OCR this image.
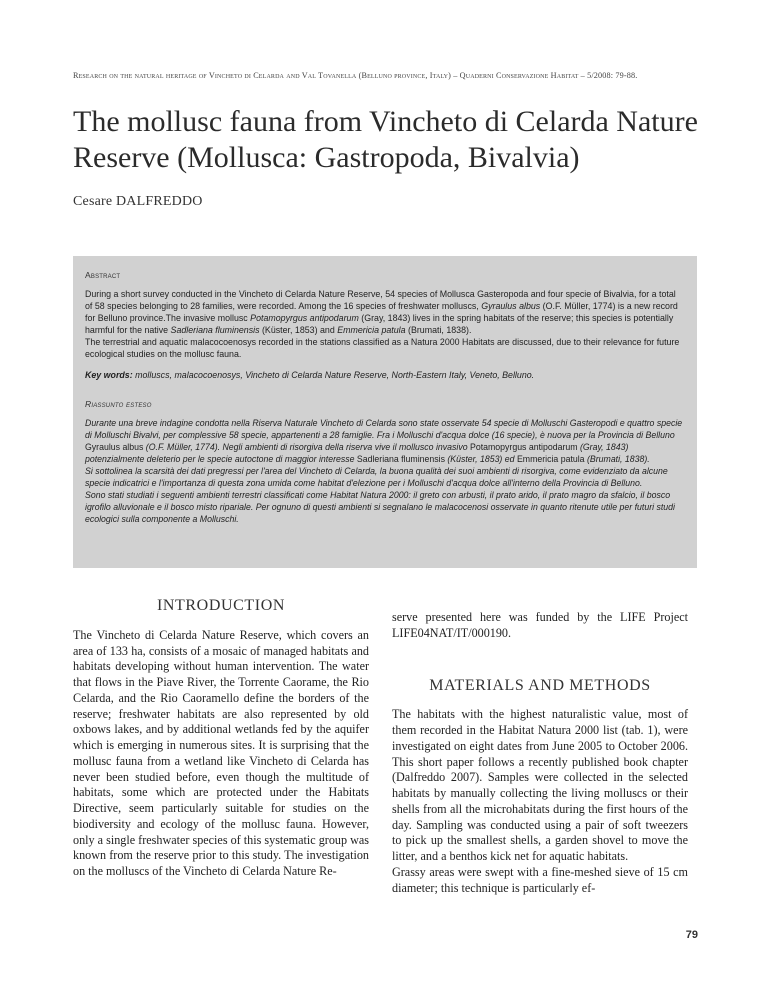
Research on the natural heritage of Vincheto di Celarda and Val Tovanella (Belluno province, Italy) – Quaderni Conservazione Habitat – 5/2008: 79-88.
The mollusc fauna from Vincheto di Celarda Nature Reserve (Mollusca: Gastropoda, Bivalvia)
Cesare DALFREDDO
Abstract

During a short survey conducted in the Vincheto di Celarda Nature Reserve, 54 species of Mollusca Gasteropoda and four specie of Bivalvia, for a total of 58 species belonging to 28 families, were recorded. Among the 16 species of freshwater molluscs, Gyraulus albus (O.F. Müller, 1774) is a new record for Belluno province.The invasive mollusc Potamopyrgus antipodarum (Gray, 1843) lives in the spring habitats of the reserve; this species is potentially harmful for the native Sadleriana fluminensis (Küster, 1853) and Emmericia patula (Brumati, 1838).

The terrestrial and aquatic malacocoenosys recorded in the stations classified as a Natura 2000 Habitats are discussed, due to their relevance for future ecological studies on the mollusc fauna.

Key words: molluscs, malacocoenosys, Vincheto di Celarda Nature Reserve, North-Eastern Italy, Veneto, Belluno.

Riassunto esteso

Durante una breve indagine condotta nella Riserva Naturale Vincheto di Celarda sono state osservate 54 specie di Molluschi Gasteropodi e quattro specie di Molluschi Bivalvi, per complessive 58 specie, appartenenti a 28 famiglie. Fra i Molluschi d'acqua dolce (16 specie), è nuova per la Provincia di Belluno Gyraulus albus (O.F. Müller, 1774). Negli ambienti di risorgiva della riserva vive il mollusco invasivo Potamopyrgus antipodarum (Gray, 1843) potenzialmente deleterio per le specie autoctone di maggior interesse Sadleriana fluminensis (Küster, 1853) ed Emmericia patula (Brumati, 1838).

Si sottolinea la scarsità dei dati pregressi per l'area del Vincheto di Celarda, la buona qualità dei suoi ambienti di risorgiva, come evidenziato da alcune specie indicatrici e l'importanza di questa zona umida come habitat d'elezione per i Molluschi d'acqua dolce all'interno della Provincia di Belluno.

Sono stati studiati i seguenti ambienti terrestri classificati come Habitat Natura 2000: il greto con arbusti, il prato arido, il prato magro da sfalcio, il bosco igrofilo alluvionale e il bosco misto ripariale. Per ognuno di questi ambienti si segnalano le malacocenosi osservate in quanto ritenute utile per futuri studi ecologici sulla componente a Molluschi.

INTRODUCTION

The Vincheto di Celarda Nature Reserve, which covers an area of 133 ha, consists of a mosaic of managed habitats and habitats developing without human intervention. The water that flows in the Piave River, the Torrente Caorame, the Rio Celarda, and the Rio Caoramello define the borders of the reserve; freshwater habitats are also represented by old oxbows lakes, and by additional wetlands fed by the aquifer which is emerging in numerous sites. It is surprising that the mollusc fauna from a wetland like Vincheto di Celarda has never been studied before, even though the multitude of habitats, some which are protected under the Habitats Directive, seem particularly suitable for studies on the biodiversity and ecology of the mollusc fauna. However, only a single freshwater species of this systematic group was known from the reserve prior to this study. The investigation on the molluscs of the Vincheto di Celarda Nature Re-

serve presented here was funded by the LIFE Project LIFE04NAT/IT/000190.

MATERIALS AND METHODS

The habitats with the highest naturalistic value, most of them recorded in the Habitat Natura 2000 list (tab. 1), were investigated on eight dates from June 2005 to October 2006. This short paper follows a recently published book chapter (Dalfreddo 2007). Samples were collected in the selected habitats by manually collecting the living molluscs or their shells from all the microhabitats during the first hours of the day. Sampling was conducted using a pair of soft tweezers to pick up the smallest shells, a garden shovel to move the litter, and a benthos kick net for aquatic habitats.

Grassy areas were swept with a fine-meshed sieve of 15 cm diameter; this technique is particularly ef-

79
